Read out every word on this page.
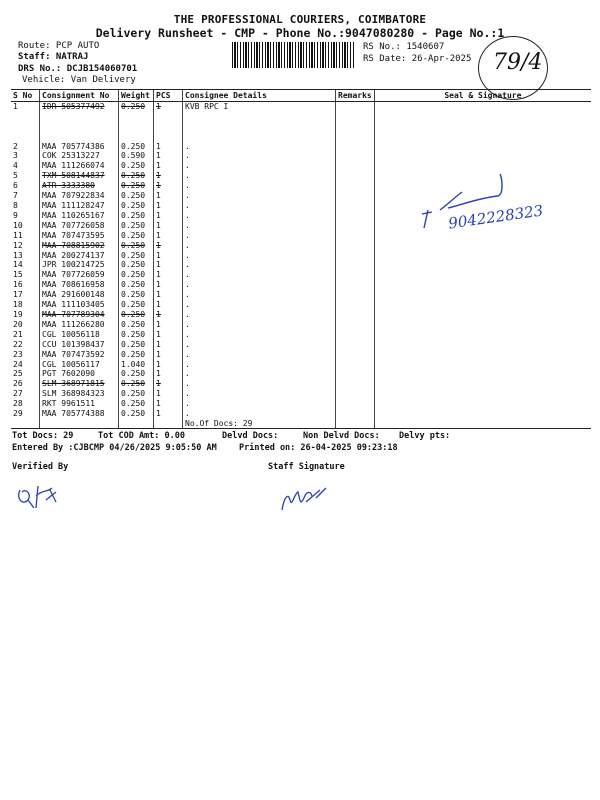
THE PROFESSIONAL COURIERS, COIMBATORE
Delivery Runsheet - CMP - Phone No.:9047080280 - Page No.:1
Route: PCP AUTO
Staff: NATRAJ
DRS No.: DCJB154060701
Vehicle: Van Delivery
RS No.: 1540607
RS Date: 26-Apr-2025 79/4
S No	Consignment No	Weight	PCS	Consignee Details	Remarks	Seal & Signature
1	IDR 505377492	0.250	1	KVB RPC I		

2	MAA 705774386	0.250	1	.		
3	COK 25313227	0.590	1	.		
4	MAA 111266074	0.250	1	.		
5	TXM 508144837	0.250	1	.		
6	ATR 3333380	0.250	1	.		
7	MAA 707922834	0.250	1	.		
8	MAA 111128247	0.250	1	.		
9	MAA 110265167	0.250	1	.		
10	MAA 707726058	0.250	1	.		
11	MAA 707473595	0.250	1	.		
12	MAA 708815902	0.250	1	.		
13	MAA 200274137	0.250	1	.		
14	JPR 100214725	0.250	1	.		
15	MAA 707726059	0.250	1	.		
16	MAA 708616958	0.250	1	.		
17	MAA 291600148	0.250	1	.		
18	MAA 111103405	0.250	1	.		
19	MAA 707789304	0.250	1	.		
20	MAA 111266280	0.250	1	.		
21	CGL 10056118	0.250	1	.		
22	CCU 101398437	0.250	1	.		
23	MAA 707473592	0.250	1	.		
24	CGL 10056117	1.040	1	.		
25	PGT 7602090	0.250	1	.		
26	SLM 368971815	0.250	1	.		
27	SLM 368984323	0.250	1	.		
28	RKT 9961511	0.250	1	.		
29	MAA 705774388	0.250	1	.		
				No.Of Docs: 29		
9042228323
Tot Docs: 29	Tot COD Amt: 0.00	Delvd Docs:	Non Delvd Docs: Delvy pts:
Entered By :CJBCMP 04/26/2025 9:05:50 AM	Printed on: 26-04-2025 09:23:18
Verified By	Staff Signature
